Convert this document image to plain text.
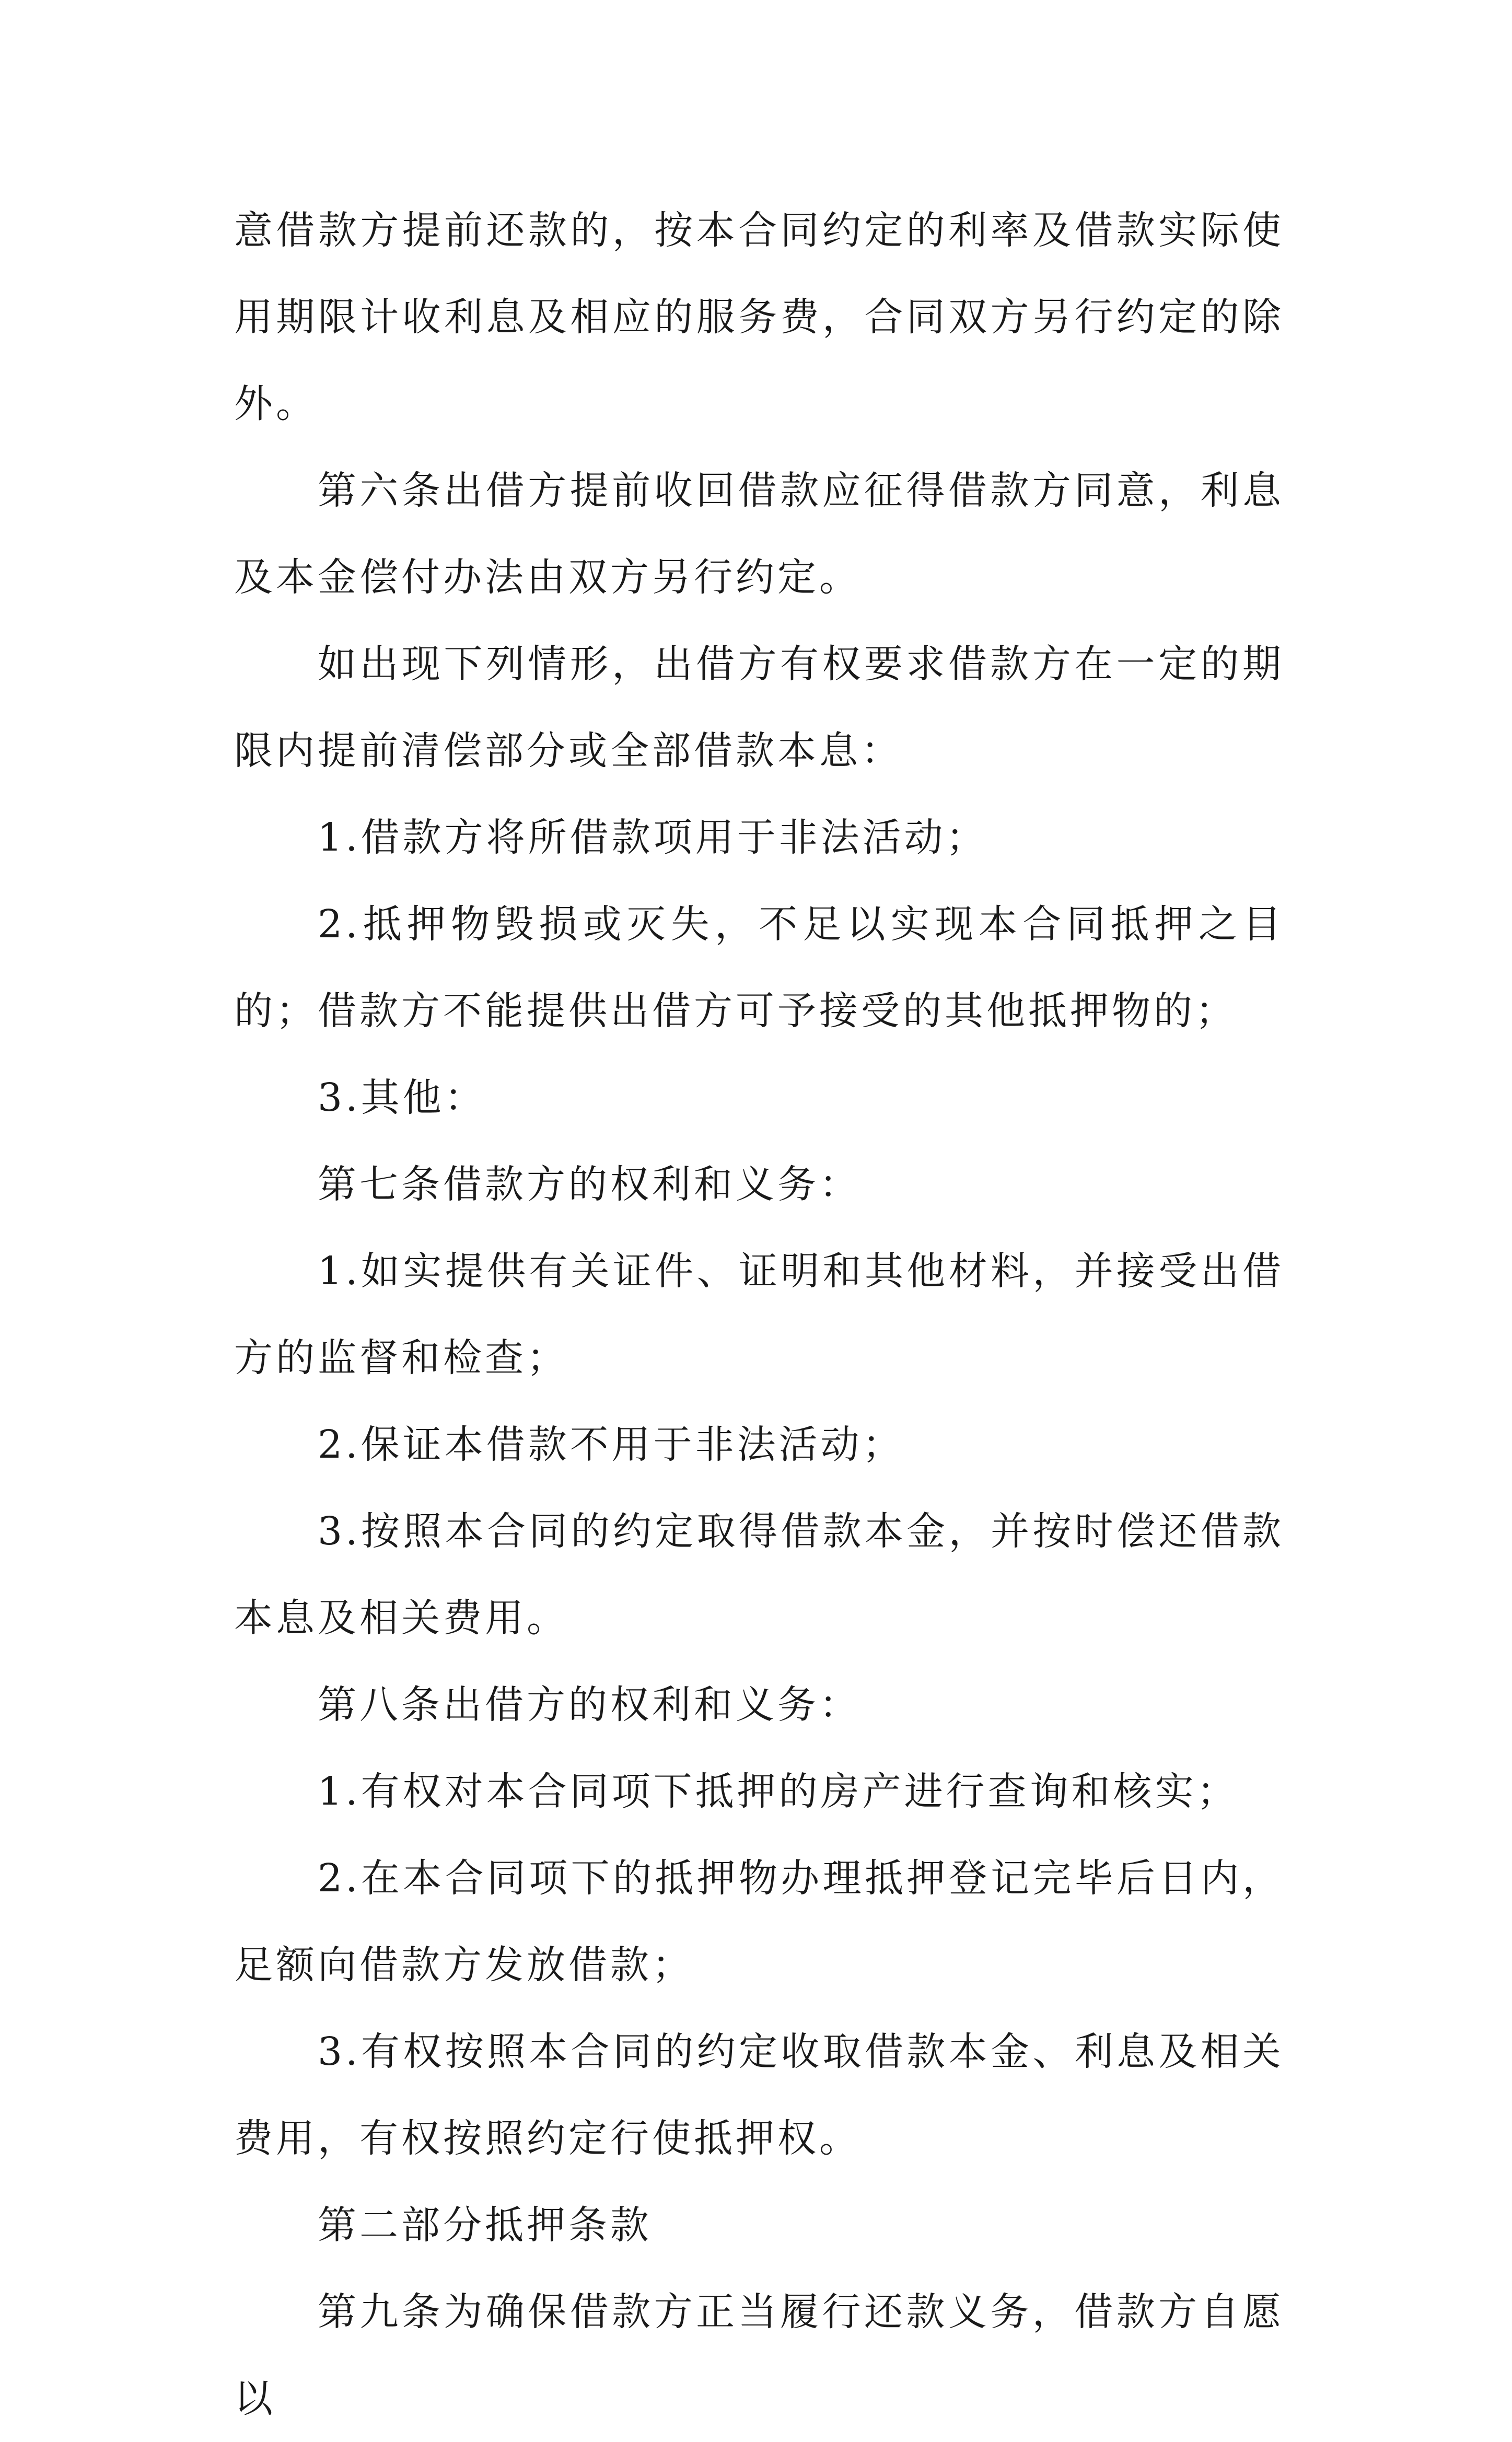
意借款方提前还款的，按本合同约定的利率及借款实际使用期限计收利息及相应的服务费，合同双方另行约定的除外。

第六条出借方提前收回借款应征得借款方同意，利息及本金偿付办法由双方另行约定。

如出现下列情形，出借方有权要求借款方在一定的期限内提前清偿部分或全部借款本息：

1.借款方将所借款项用于非法活动；

2.抵押物毁损或灭失，不足以实现本合同抵押之目的；借款方不能提供出借方可予接受的其他抵押物的；

3.其他：

第七条借款方的权利和义务：

1.如实提供有关证件、证明和其他材料，并接受出借方的监督和检查；

2.保证本借款不用于非法活动；

3.按照本合同的约定取得借款本金，并按时偿还借款本息及相关费用。

第八条出借方的权利和义务：

1.有权对本合同项下抵押的房产进行查询和核实；

2.在本合同项下的抵押物办理抵押登记完毕后日内，足额向借款方发放借款；

3.有权按照本合同的约定收取借款本金、利息及相关费用，有权按照约定行使抵押权。

第二部分抵押条款

第九条为确保借款方正当履行还款义务，借款方自愿以
